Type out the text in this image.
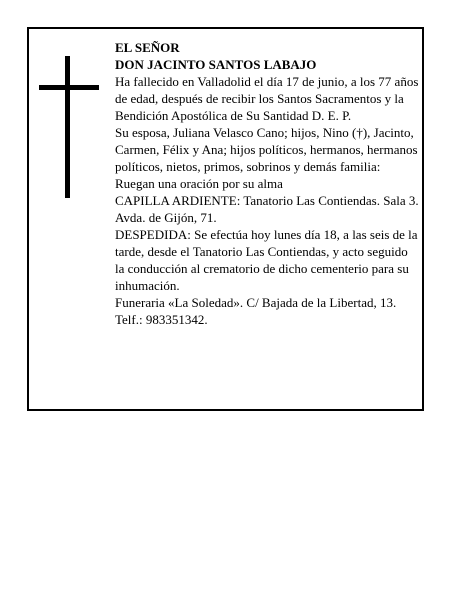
EL SEÑOR

DON JACINTO SANTOS LABAJO

Ha fallecido en Valladolid el día 17 de junio, a los 77 años de edad, después de recibir los Santos Sacramentos y la Bendición Apostólica de Su Santidad D. E. P.

Su esposa, Juliana Velasco Cano; hijos, Nino (†), Jacinto, Carmen, Félix y Ana; hijos políticos, hermanos, hermanos políticos, nietos, primos, sobrinos y demás familia:

Ruegan una oración por su alma

CAPILLA ARDIENTE: Tanatorio Las Contiendas. Sala 3. Avda. de Gijón, 71.

DESPEDIDA: Se efectúa hoy lunes día 18, a las seis de la tarde, desde el Tanatorio Las Contiendas, y acto seguido la conducción al crematorio de dicho cementerio para su inhumación.

Funeraria «La Soledad». C/ Bajada de la Libertad, 13. Telf.: 983351342.
